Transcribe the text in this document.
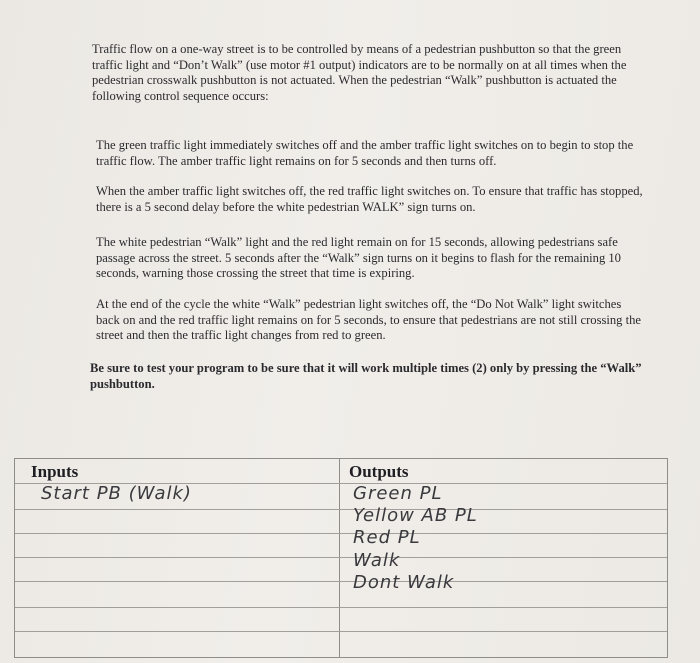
Traffic flow on a one-way street is to be controlled by means of a pedestrian pushbutton so that the green traffic light and “Don’t Walk” (use motor #1 output) indicators are to be normally on at all times when the pedestrian crosswalk pushbutton is not actuated. When the pedestrian “Walk” pushbutton is actuated the following control sequence occurs:
The green traffic light immediately switches off and the amber traffic light switches on to begin to stop the traffic flow. The amber traffic light remains on for 5 seconds and then turns off.
When the amber traffic light switches off, the red traffic light switches on. To ensure that traffic has stopped, there is a 5 second delay before the white pedestrian WALK” sign turns on.
The white pedestrian “Walk” light and the red light remain on for 15 seconds, allowing pedestrians safe passage across the street. 5 seconds after the “Walk” sign turns on it begins to flash for the remaining 10 seconds, warning those crossing the street that time is expiring.
At the end of the cycle the white “Walk” pedestrian light switches off, the “Do Not Walk” light switches back on and the red traffic light remains on for 5 seconds, to ensure that pedestrians are not still crossing the street and then the traffic light changes from red to green.
Be sure to test your program to be sure that it will work multiple times (2) only by pressing the “Walk” pushbutton.
Inputs	Outputs
Start PB (Walk)	Green PL
Yellow AB PL
Red PL
Walk
Dont Walk
